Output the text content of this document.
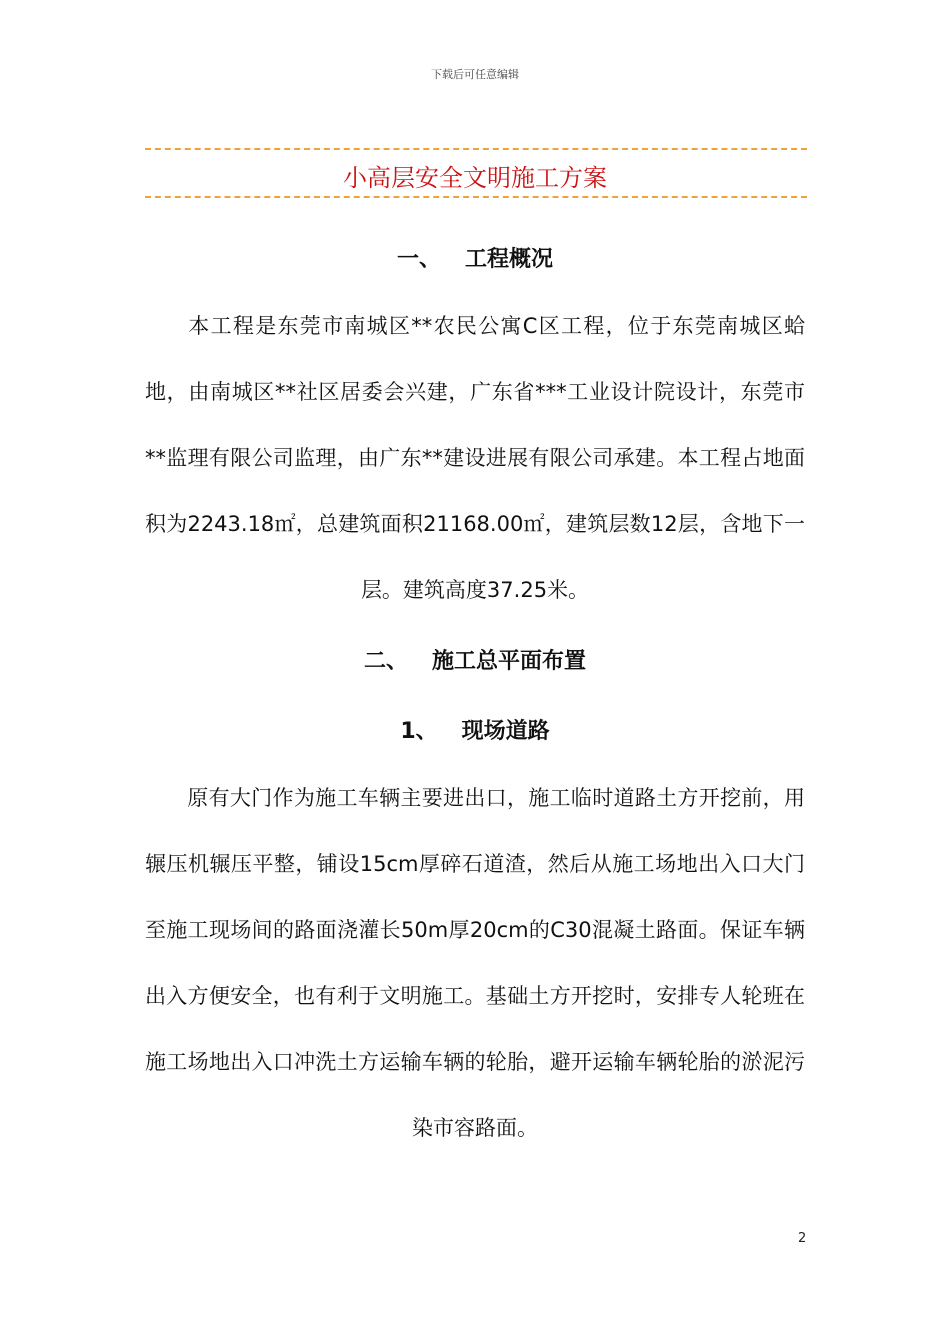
下载后可任意编辑
小高层安全文明施工方案
一、 工程概况
本工程是东莞市南城区**农民公寓C区工程，位于东莞南城区蛤地，由南城区**社区居委会兴建，广东省***工业设计院设计，东莞市**监理有限公司监理，由广东**建设进展有限公司承建。本工程占地面积为2243.18㎡，总建筑面积21168.00㎡，建筑层数12层，含地下一层。建筑高度37.25米。
二、 施工总平面布置
1、 现场道路
原有大门作为施工车辆主要进出口，施工临时道路土方开挖前，用辗压机辗压平整，铺设15cm厚碎石道渣，然后从施工场地出入口大门至施工现场间的路面浇灌长50m厚20cm的C30混凝土路面。保证车辆出入方便安全，也有利于文明施工。基础土方开挖时，安排专人轮班在施工场地出入口冲洗土方运输车辆的轮胎，避开运输车辆轮胎的淤泥污染市容路面。
2
